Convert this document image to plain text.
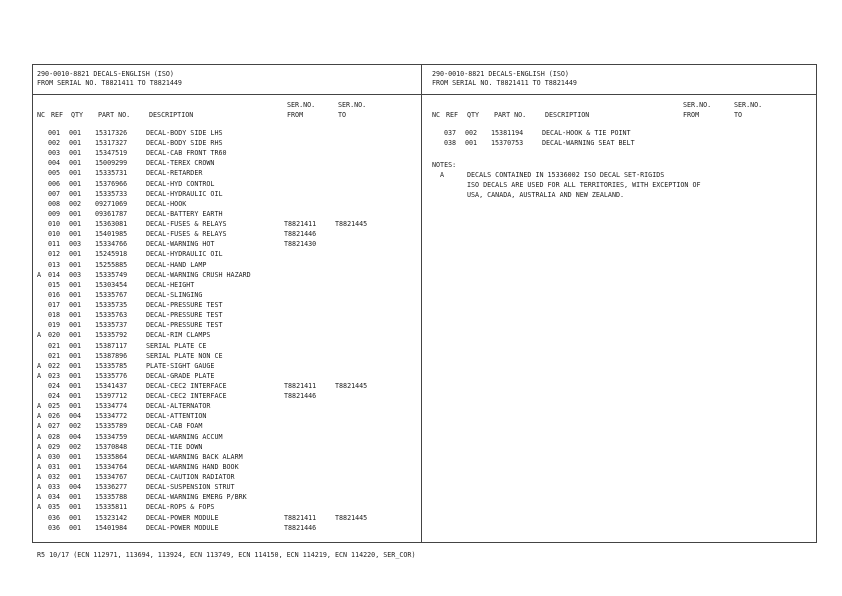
290-0010-8821 DECALS-ENGLISH (ISO)
FROM SERIAL NO. T8821411 TO T8821449
290-0010-8821 DECALS-ENGLISH (ISO)
FROM SERIAL NO. T8821411 TO T8821449
SER.NO.	SER.NO.
NC REF QTY PART NO.	DESCRIPTION	FROM	TO
SER.NO.	SER.NO.
NC REF QTY PART NO.	DESCRIPTION	FROM	TO
001 001 15317326	DECAL-BODY SIDE LHS
002 001 15317327	DECAL-BODY SIDE RHS
003 001 15347519	DECAL-CAB FRONT TR60
004 001 15009299	DECAL-TEREX CROWN
005 001 15335731	DECAL-RETARDER
006 001 15376966	DECAL-HYD CONTROL
007 001 15335733	DECAL-HYDRAULIC OIL
008 002 09271069	DECAL-HOOK
009 001 09361787	DECAL-BATTERY EARTH
010 001 15363081	DECAL-FUSES & RELAYS	T8821411	T8821445
010 001 15401985	DECAL-FUSES & RELAYS	T8821446
011 003 15334766	DECAL-WARNING HOT	T8821430
012 001 15245918	DECAL-HYDRAULIC OIL
013 001 15255885	DECAL-HAND LAMP
A 014 003 15335749	DECAL-WARNING CRUSH HAZARD
015 001 15303454	DECAL-HEIGHT
016 001 15335767	DECAL-SLINGING
017 001 15335735	DECAL-PRESSURE TEST
018 001 15335763	DECAL-PRESSURE TEST
019 001 15335737	DECAL-PRESSURE TEST
A 020 001 15335792	DECAL-RIM CLAMPS
021 001 15387117	SERIAL PLATE CE
021 001 15387896	SERIAL PLATE NON CE
A 022 001 15335785	PLATE-SIGHT GAUGE
A 023 001 15335776	DECAL-GRADE PLATE
024 001 15341437	DECAL-CEC2 INTERFACE	T8821411	T8821445
024 001 15397712	DECAL-CEC2 INTERFACE	T8821446
A 025 001 15334774	DECAL-ALTERNATOR
A 026 004 15334772	DECAL-ATTENTION
A 027 002 15335789	DECAL-CAB FOAM
A 028 004 15334759	DECAL-WARNING ACCUM
A 029 002 15370848	DECAL-TIE DOWN
A 030 001 15335864	DECAL-WARNING BACK ALARM
A 031 001 15334764	DECAL-WARNING HAND BOOK
A 032 001 15334767	DECAL-CAUTION RADIATOR
A 033 004 15336277	DECAL-SUSPENSION STRUT
A 034 001 15335788	DECAL-WARNING EMERG P/BRK
A 035 001 15335811	DECAL-ROPS & FOPS
036 001 15323142	DECAL-POWER MODULE	T8821411	T8821445
036 001 15401984	DECAL-POWER MODULE	T8821446
037 002 15381194	DECAL-HOOK & TIE POINT
038 001 15370753	DECAL-WARNING SEAT BELT
NOTES:
A	DECALS CONTAINED IN 15336002 ISO DECAL SET-RIGIDS
ISO DECALS ARE USED FOR ALL TERRITORIES, WITH EXCEPTION OF
USA, CANADA, AUSTRALIA AND NEW ZEALAND.
R5 10/17 (ECN 112971, 113694, 113924, ECN 113749, ECN 114150, ECN 114219, ECN 114220, SER_COR)
